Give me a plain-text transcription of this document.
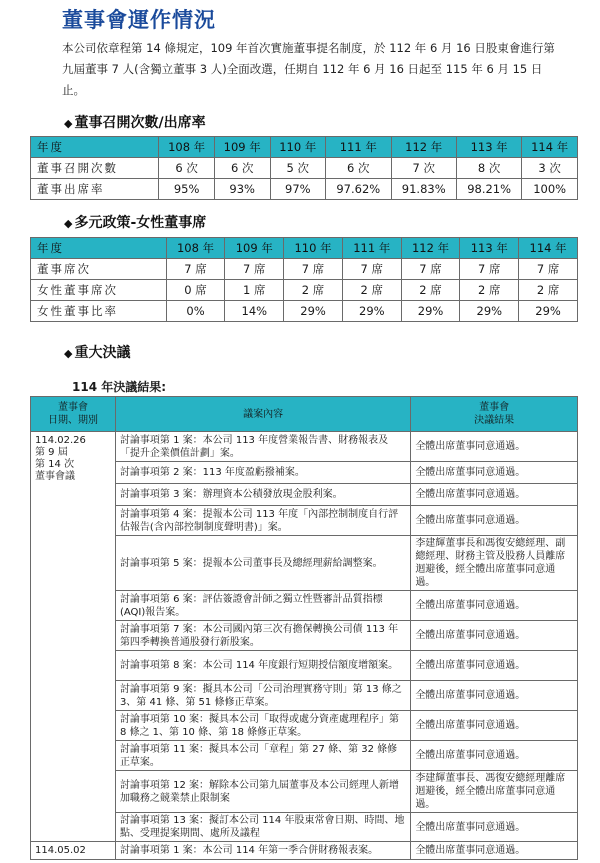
董事會運作情況
本公司依章程第 14 條規定，109 年首次實施董事提名制度，於 112 年 6 月 16 日股東會進行第九屆董事 7 人(含獨立董事 3 人)全面改選，任期自 112 年 6 月 16 日起至 115 年 6 月 15 日止。
◆ 董事召開次數/出席率
年度	108 年	109 年	110 年	111 年	112 年	113 年	114 年
董事召開次數	6 次	6 次	5 次	6 次	7 次	8 次	3 次
董事出席率	95%	93%	97%	97.62%	91.83%	98.21%	100%
◆ 多元政策-女性董事席
年度	108 年	109 年	110 年	111 年	112 年	113 年	114 年
董事席次	7 席	7 席	7 席	7 席	7 席	7 席	7 席
女性董事席次	0 席	1 席	2 席	2 席	2 席	2 席	2 席
女性董事比率	0%	14%	29%	29%	29%	29%	29%
◆ 重大決議
114 年決議結果:
董事會
日期、期別	議案內容	董事會
決議結果
114.02.26
第 9 屆
第 14 次
董事會議	討論事項第 1 案：本公司 113 年度營業報告書、財務報表及「提升企業價值計劃」案。	全體出席董事同意通過。
	討論事項第 2 案：113 年度盈虧撥補案。	全體出席董事同意通過。
	討論事項第 3 案：辦理資本公積發放現金股利案。	全體出席董事同意通過。
	討論事項第 4 案：提報本公司 113 年度「內部控制制度自行評估報告(含內部控制制度聲明書)」案。	全體出席董事同意通過。
	討論事項第 5 案：提報本公司董事長及總經理薪給調整案。	李建輝董事長和馮復安總經理、副總經理、財務主管及股務人員離席迴避後，經全體出席董事同意通過。
	討論事項第 6 案：評估簽證會計師之獨立性暨審計品質指標(AQI)報告案。	全體出席董事同意通過。
	討論事項第 7 案：本公司國內第三次有擔保轉換公司債 113 年第四季轉換普通股發行新股案。	全體出席董事同意通過。
	討論事項第 8 案：本公司 114 年度銀行短期授信額度增額案。	全體出席董事同意通過。
	討論事項第 9 案：擬具本公司「公司治理實務守則」第 13 條之 3、第 41 條、第 51 條修正草案。	全體出席董事同意通過。
	討論事項第 10 案：擬具本公司「取得或處分資產處理程序」第 8 條之 1、第 10 條、第 18 條修正草案。	全體出席董事同意通過。
	討論事項第 11 案：擬具本公司「章程」第 27 條、第 32 條修正草案。	全體出席董事同意通過。
	討論事項第 12 案：解除本公司第九屆董事及本公司經理人新增加職務之競業禁止限制案	李建輝董事長、馮復安總經理離席迴避後，經全體出席董事同意通過。
	討論事項第 13 案：擬訂本公司 114 年股東常會日期、時間、地點、受理提案期間、處所及議程	全體出席董事同意通過。
114.05.02	討論事項第 1 案：本公司 114 年第一季合併財務報表案。	全體出席董事同意通過。
